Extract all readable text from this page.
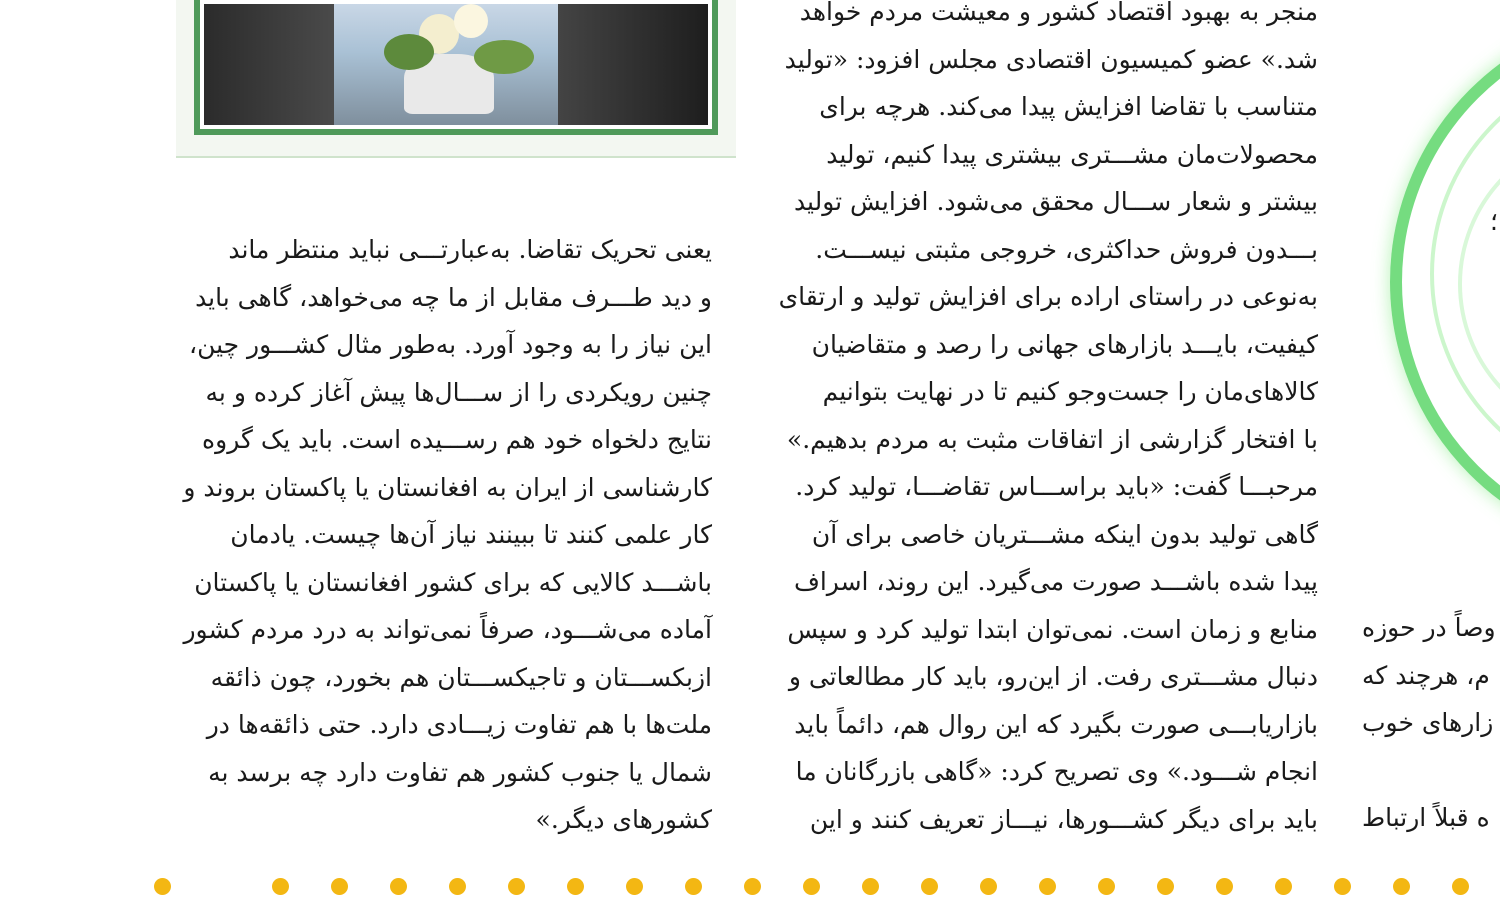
منجر به بهبود اقتصاد کشور و معیشت مردم خواهد
شد.» عضو کمیسیون اقتصادی مجلس افزود: «تولید
متناسب با تقاضا افزایش پیدا می‌کند. هرچه برای
محصولات‌مان مشـــتری بیشتری پیدا کنیم، تولید
بیشتر و شعار ســـال محقق می‌شود. افزایش تولید
بـــدون فروش حداکثری، خروجی مثبتی نیســـت.
به‌نوعی در راستای اراده برای افزایش تولید و ارتقای
کیفیت، بایـــد بازارهای جهانی را رصد و متقاضیان
کالاهای‌مان را جست‌وجو کنیم تا در نهایت بتوانیم
با افتخار گزارشی از اتفاقات مثبت به مردم بدهیم.»
مرحبـــا گفت: «باید براســـاس تقاضـــا، تولید کرد.
گاهی تولید بدون اینکه مشـــتریان خاصی برای آن
پیدا شده باشـــد صورت می‌گیرد. این روند، اسراف
منابع و زمان است. نمی‌توان ابتدا تولید کرد و سپس
دنبال مشـــتری رفت. از این‌رو، باید کار مطالعاتی و
بازاریابـــی صورت بگیرد که این روال هم، دائماً باید
انجام شـــود.» وی تصریح کرد: «گاهی بازرگانان ما
باید برای دیگر کشـــورها، نیـــاز تعریف کنند و این

یعنی تحریک تقاضا. به‌عبارتـــی نباید منتظر ماند
و دید طـــرف مقابل از ما چه می‌خواهد، گاهی باید
این نیاز را به وجود آورد. به‌طور مثال کشـــور چین،
چنین رویکردی را از ســـال‌ها پیش آغاز کرده و به
نتایج دلخواه خود هم رســـیده است. باید یک گروه
کارشناسی از ایران به افغانستان یا پاکستان بروند و
کار علمی کنند تا ببینند نیاز آن‌ها چیست. یادمان
باشـــد کالایی که برای کشور افغانستان یا پاکستان
آماده می‌شـــود، صرفاً نمی‌تواند به درد مردم کشور
ازبکســـتان و تاجیکســـتان هم بخورد، چون ذائقه
ملت‌ها با هم تفاوت زیـــادی دارد. حتی ذائقه‌ها در
شمال یا جنوب کشور هم تفاوت دارد چه برسد به
کشورهای دیگر.»

؛
وصاً در حوزه
م، هرچند که
زارهای خوب
ه قبلاً ارتباط
